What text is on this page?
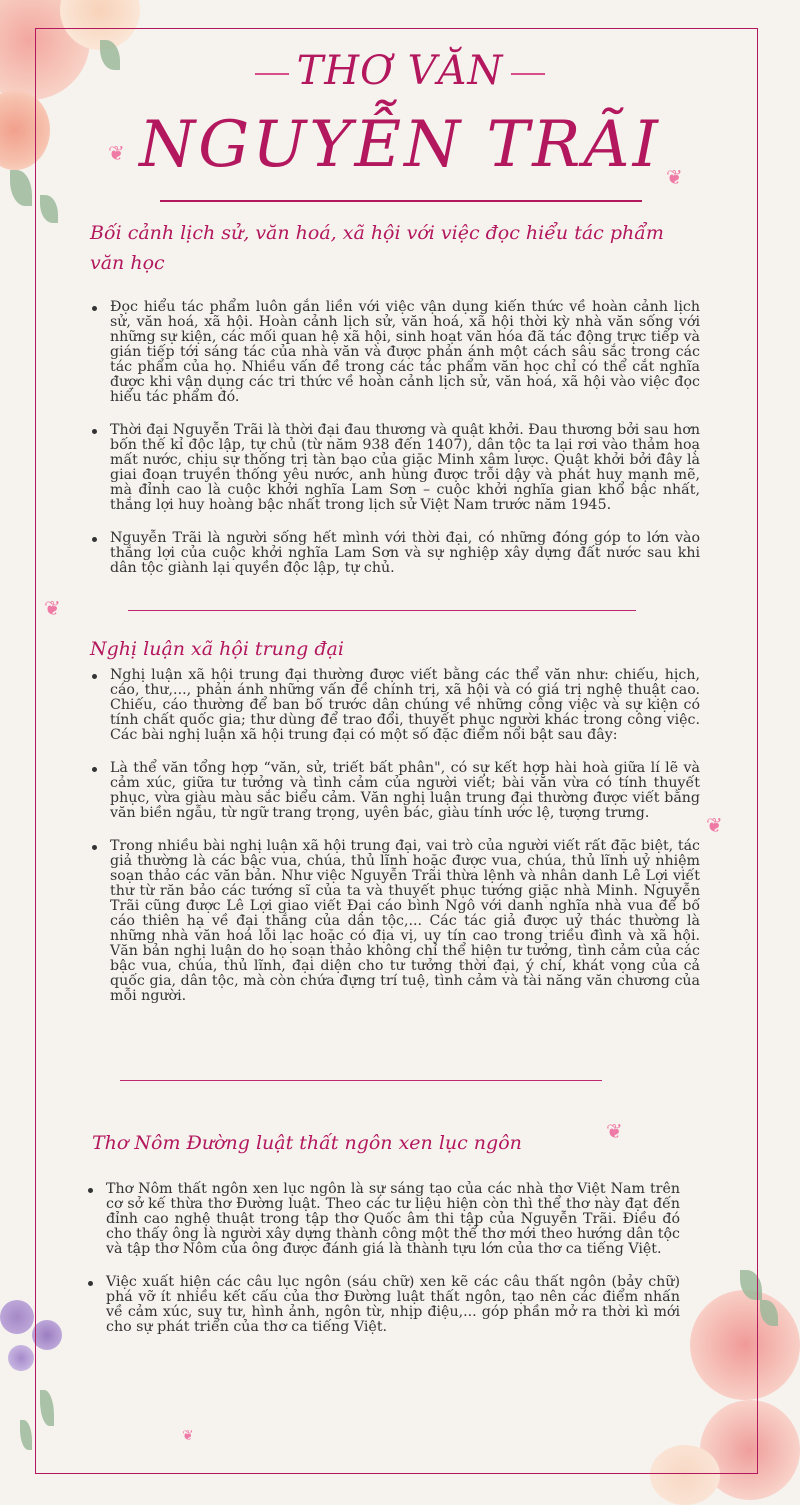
❦
❦
❦
❦
❦
❦
THƠ VĂN
NGUYỄN TRÃI
Bối cảnh lịch sử, văn hoá, xã hội với việc đọc hiểu tác phẩm văn học
Đọc hiểu tác phẩm luôn gắn liền với việc vận dụng kiến thức về hoàn cảnh lịch sử, văn hoá, xã hội. Hoàn cảnh lịch sử, văn hoá, xã hội thời kỳ nhà văn sống với những sự kiện, các mối quan hệ xã hội, sinh hoạt văn hóa đã tác động trực tiếp và gián tiếp tới sáng tác của nhà văn và được phản ánh một cách sâu sắc trong các tác phẩm của họ. Nhiều vấn đề trong các tác phẩm văn học chỉ có thể cắt nghĩa được khi vận dụng các tri thức về hoàn cảnh lịch sử, văn hoá, xã hội vào việc đọc hiểu tác phẩm đó.
Thời đại Nguyễn Trãi là thời đại đau thương và quật khởi. Đau thương bởi sau hơn bốn thế kỉ độc lập, tự chủ (từ năm 938 đến 1407), dân tộc ta lại rơi vào thảm hoạ mất nước, chịu sự thống trị tàn bạo của giặc Minh xâm lược. Quật khởi bởi đây là giai đoạn truyền thống yêu nước, anh hùng được trỗi dậy và phát huy mạnh mẽ, mà đỉnh cao là cuộc khởi nghĩa Lam Sơn – cuộc khởi nghĩa gian khổ bậc nhất, thắng lợi huy hoàng bậc nhất trong lịch sử Việt Nam trước năm 1945.
Nguyễn Trãi là người sống hết mình với thời đại, có những đóng góp to lớn vào thắng lợi của cuộc khởi nghĩa Lam Sơn và sự nghiệp xây dựng đất nước sau khi dân tộc giành lại quyền độc lập, tự chủ.
Nghị luận xã hội trung đại
Nghị luận xã hội trung đại thường được viết bằng các thể văn như: chiếu, hịch, cáo, thư,..., phản ánh những vấn đề chính trị, xã hội và có giá trị nghệ thuật cao. Chiếu, cáo thường để ban bố trước dân chúng về những công việc và sự kiện có tính chất quốc gia; thư dùng để trao đổi, thuyết phục người khác trong công việc. Các bài nghị luận xã hội trung đại có một số đặc điểm nổi bật sau đây:
Là thể văn tổng hợp “văn, sử, triết bất phân", có sự kết hợp hài hoà giữa lí lẽ và cảm xúc, giữa tư tưởng và tình cảm của người viết; bài văn vừa có tính thuyết phục, vừa giàu màu sắc biểu cảm. Văn nghị luận trung đại thường được viết bằng văn biền ngẫu, từ ngữ trang trọng, uyên bác, giàu tính ước lệ, tượng trưng.
Trong nhiều bài nghị luận xã hội trung đại, vai trò của người viết rất đặc biệt, tác giả thường là các bậc vua, chúa, thủ lĩnh hoặc được vua, chúa, thủ lĩnh uỷ nhiệm soạn thảo các văn bản. Như việc Nguyễn Trãi thừa lệnh và nhân danh Lê Lợi viết thư từ răn bảo các tướng sĩ của ta và thuyết phục tướng giặc nhà Minh. Nguyễn Trãi cũng được Lê Lợi giao viết Đại cáo bình Ngô với danh nghĩa nhà vua để bố cáo thiên hạ về đại thắng của dân tộc,... Các tác giả được uỷ thác thường là những nhà văn hoá lỗi lạc hoặc có địa vị, uy tín cao trong triều đình và xã hội. Văn bản nghị luận do họ soạn thảo không chỉ thể hiện tư tưởng, tình cảm của các bậc vua, chúa, thủ lĩnh, đại diện cho tư tưởng thời đại, ý chí, khát vọng của cả quốc gia, dân tộc, mà còn chứa đựng trí tuệ, tình cảm và tài năng văn chương của mỗi người.
Thơ Nôm Đường luật thất ngôn xen lục ngôn
Thơ Nôm thất ngôn xen lục ngôn là sự sáng tạo của các nhà thơ Việt Nam trên cơ sở kế thừa thơ Đường luật. Theo các tư liệu hiện còn thì thể thơ này đạt đến đỉnh cao nghệ thuật trong tập thơ Quốc âm thi tập của Nguyễn Trãi. Điều đó cho thấy ông là người xây dựng thành công một thể thơ mới theo hướng dân tộc và tập thơ Nôm của ông được đánh giá là thành tựu lớn của thơ ca tiếng Việt.
Việc xuất hiện các câu lục ngôn (sáu chữ) xen kẽ các câu thất ngôn (bảy chữ) phá vỡ ít nhiều kết cấu của thơ Đường luật thất ngôn, tạo nên các điểm nhấn về cảm xúc, suy tư, hình ảnh, ngôn từ, nhịp điệu,... góp phần mở ra thời kì mới cho sự phát triển của thơ ca tiếng Việt.
